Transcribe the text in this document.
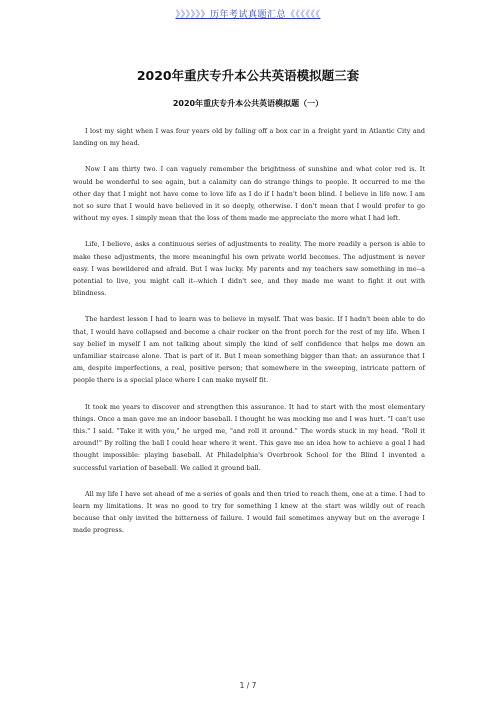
》》》》》》历年考试真题汇总《《《《《《
2020年重庆专升本公共英语模拟题三套
2020年重庆专升本公共英语模拟题（一）

I lost my sight when I was four years old by falling off a box car in a freight yard in Atlantic City and landing on my head.

Now I am thirty two. I can vaguely remember the brightness of sunshine and what color red is. It would be wonderful to see again, but a calamity can do strange things to people. It occurred to me the other day that I might not have come to love life as I do if I hadn't been blind. I believe in life now. I am not so sure that I would have believed in it so deeply, otherwise. I don't mean that I would prefer to go without my eyes. I simply mean that the loss of them made me appreciate the more what I had left.

Life, I believe, asks a continuous series of adjustments to reality. The more readily a person is able to make these adjustments, the more meaningful his own private world becomes. The adjustment is never easy. I was bewildered and afraid. But I was lucky. My parents and my teachers saw something in me--a potential to live, you might call it--which I didn't see, and they made me want to fight it out with blindness.

The hardest lesson I had to learn was to believe in myself. That was basic. If I hadn't been able to do that, I would have collapsed and become a chair rocker on the front porch for the rest of my life. When I say belief in myself I am not talking about simply the kind of self confidence that helps me down an unfamiliar staircase alone. That is part of it. But I mean something bigger than that: an assurance that I am, despite imperfections, a real, positive person; that somewhere in the sweeping, intricate pattern of people there is a special place where I can make myself fit.

It took me years to discover and strengthen this assurance. It had to start with the most elementary things. Once a man gave me an indoor baseball. I thought he was mocking me and I was hurt. "I can't use this." I said. "Take it with you," he urged me, "and roll it around." The words stuck in my head. "Roll it around!" By rolling the ball I could hear where it went. This gave me an idea how to achieve a goal I had thought impossible: playing baseball. At Philadelphia's Overbrook School for the Blind I invented a successful variation of baseball. We called it ground ball.

All my life I have set ahead of me a series of goals and then tried to reach them, one at a time. I had to learn my limitations. It was no good to try for something I knew at the start was wildly out of reach because that only invited the bitterness of failure. I would fail sometimes anyway but on the average I made progress.

1 / 7
